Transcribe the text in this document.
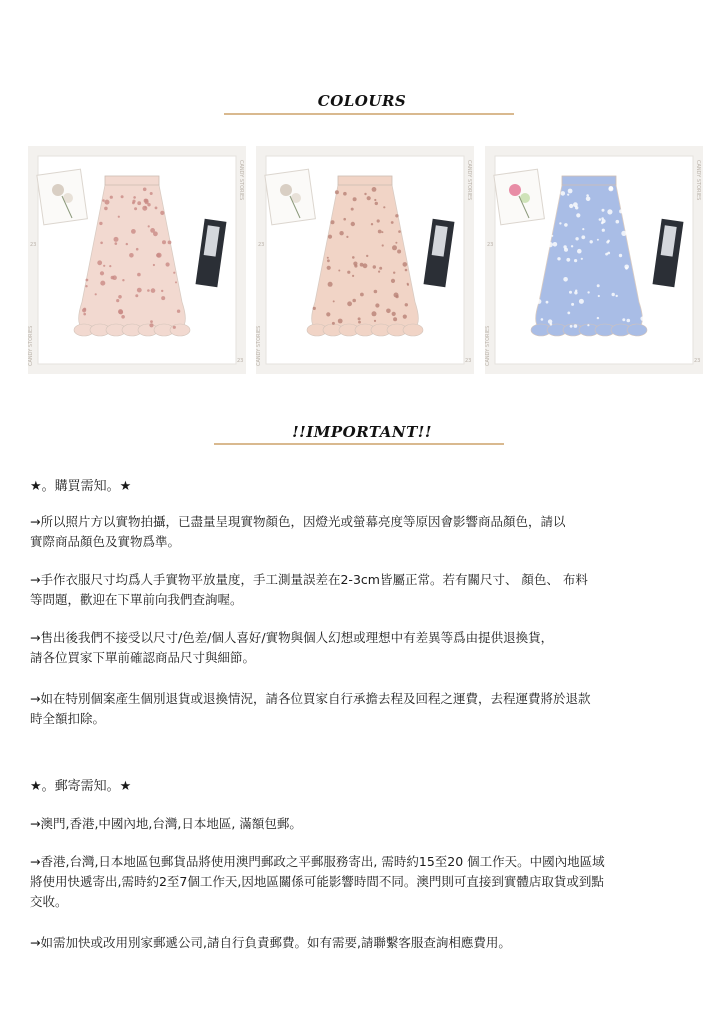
COLOURS
CANDY STORIES
CANDY STORIES
23
23
CANDY STORIES
CANDY STORIES
23
23
CANDY STORIES
CANDY STORIES
23
23
!!IMPORTANT!!
★。購買需知。★
→所以照片方以實物拍攝，已盡量呈現實物顏色，因燈光或螢幕亮度等原因會影響商品顏色，請以
實際商品顏色及實物爲準。
→手作衣服尺寸均爲人手實物平放量度，手工測量誤差在2-3cm皆屬正常。若有關尺寸、 顏色、 布料
等問題，歡迎在下單前向我們查詢喔。
→售出後我們不接受以尺寸/色差/個人喜好/實物與個人幻想或理想中有差異等爲由提供退換貨，
請各位買家下單前確認商品尺寸與細節。
→如在特別個案產生個別退貨或退換情況，請各位買家自行承擔去程及回程之運費，去程運費將於退款
時全額扣除。
★。郵寄需知。★
→澳門,香港,中國內地,台灣,日本地區, 滿額包郵。
→香港,台灣,日本地區包郵貨品將使用澳門郵政之平郵服務寄出, 需時約15至20 個工作天。中國內地區域
將使用快遞寄出,需時約2至7個工作天,因地區關係可能影響時間不同。澳門則可直接到實體店取貨或到點
交收。
→如需加快或改用別家郵遞公司,請自行負責郵費。如有需要,請聯繫客服查詢相應費用。
